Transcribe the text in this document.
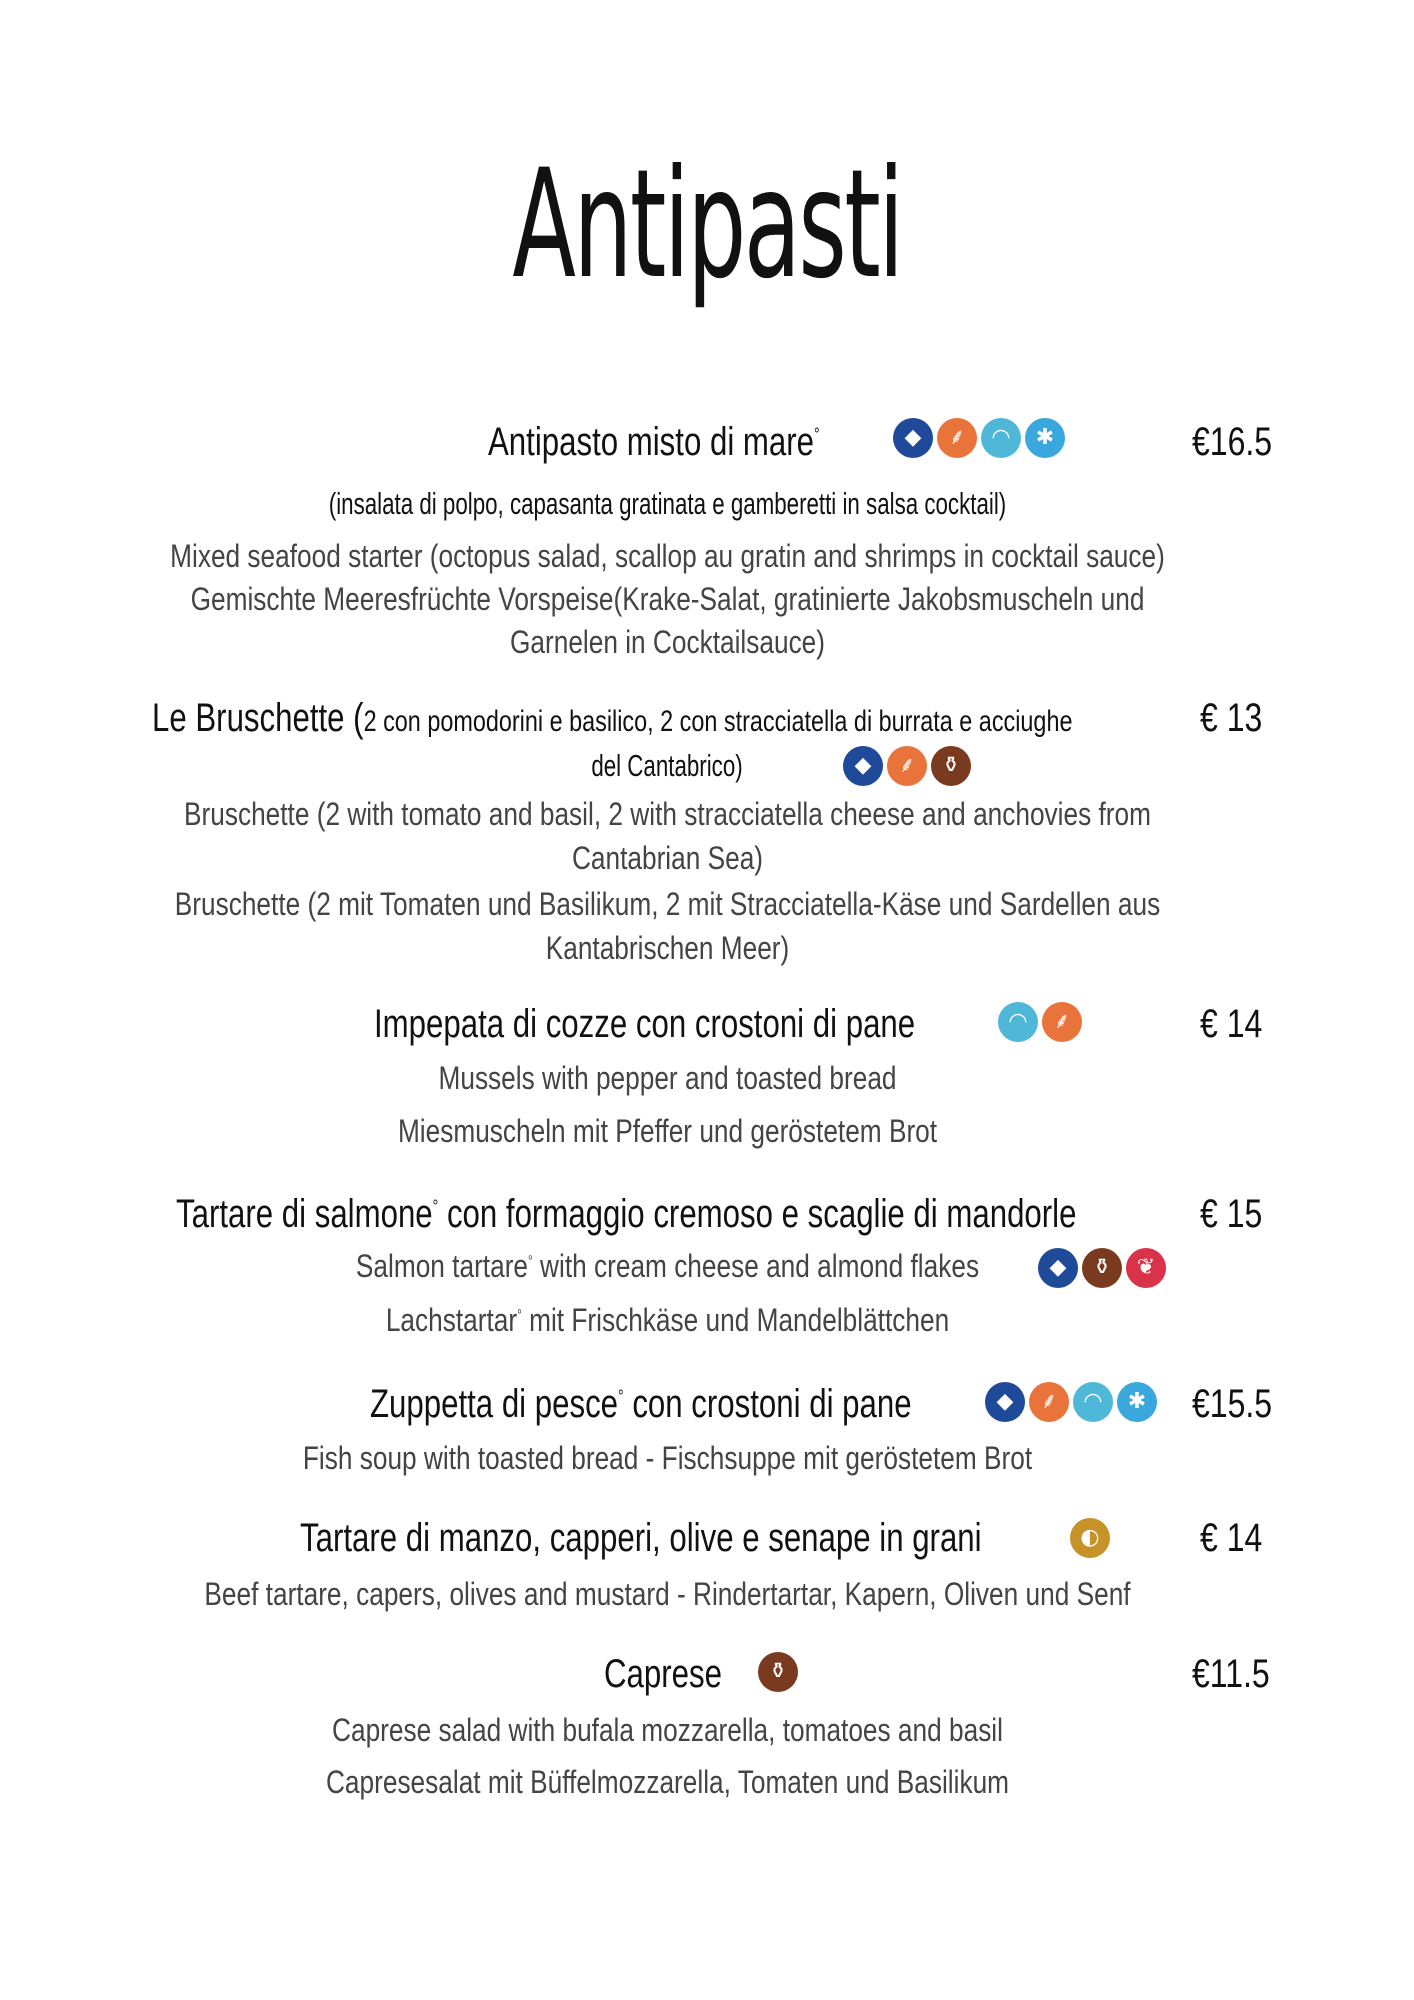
Antipasti
Antipasto misto di mare°	◆	⸙	◠	✱	€16.5
(insalata di polpo, capasanta gratinata e gamberetti in salsa cocktail)
Mixed seafood starter (octopus salad, scallop au gratin and shrimps in cocktail sauce)
Gemischte Meeresfrüchte Vorspeise(Krake-Salat, gratinierte Jakobsmuscheln und
Garnelen in Cocktailsauce)
Le Bruschette (2 con pomodorini e basilico, 2 con stracciatella di burrata e acciughe	€ 13
del Cantabrico)	◆	⸙	⚱
Bruschette (2 with tomato and basil, 2 with stracciatella cheese and anchovies from
Cantabrian Sea)
Bruschette (2 mit Tomaten und Basilikum, 2 mit Stracciatella-Käse und Sardellen aus
Kantabrischen Meer)
Impepata di cozze con crostoni di pane	◠	⸙	€ 14
Mussels with pepper and toasted bread
Miesmuscheln mit Pfeffer und geröstetem Brot
Tartare di salmone° con formaggio cremoso e scaglie di mandorle	€ 15
Salmon tartare° with cream cheese and almond flakes	◆	⚱	❦
Lachstartar° mit Frischkäse und Mandelblättchen
Zuppetta di pesce° con crostoni di pane	◆	⸙	◠	✱ €15.5
Fish soup with toasted bread - Fischsuppe mit geröstetem Brot
Tartare di manzo, capperi, olive e senape in grani	◐	€ 14
Beef tartare, capers, olives and mustard - Rindertartar, Kapern, Oliven und Senf
Caprese	⚱	€11.5
Caprese salad with bufala mozzarella, tomatoes and basil
Capresesalat mit Büffelmozzarella, Tomaten und Basilikum
